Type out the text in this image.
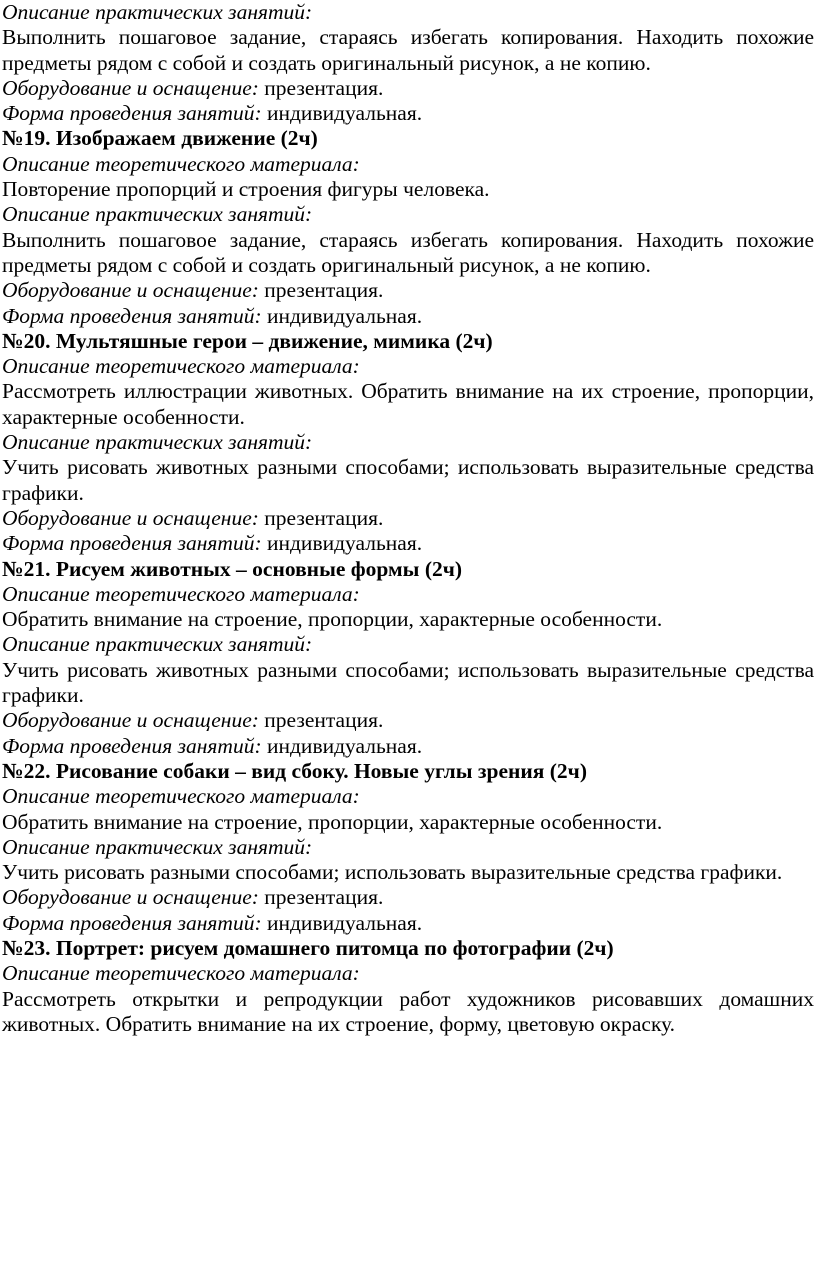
Описание практических занятий:

Выполнить пошаговое задание, стараясь избегать копирования. Находить похожие предметы рядом с собой и создать оригинальный рисунок, а не копию.

Оборудование и оснащение: презентация.

Форма проведения занятий: индивидуальная.

№19. Изображаем движение (2ч)

Описание теоретического материала:

Повторение пропорций и строения фигуры человека.

Описание практических занятий:

Выполнить пошаговое задание, стараясь избегать копирования. Находить похожие предметы рядом с собой и создать оригинальный рисунок, а не копию.

Оборудование и оснащение: презентация.

Форма проведения занятий: индивидуальная.

№20. Мультяшные герои – движение, мимика (2ч)

Описание теоретического материала:

Рассмотреть иллюстрации животных. Обратить внимание на их строение, пропорции, характерные особенности.

Описание практических занятий:

Учить рисовать животных разными способами; использовать выразительные средства графики.

Оборудование и оснащение: презентация.

Форма проведения занятий: индивидуальная.

№21. Рисуем животных – основные формы (2ч)

Описание теоретического материала:

Обратить внимание на строение, пропорции, характерные особенности.

Описание практических занятий:

Учить рисовать животных разными способами; использовать выразительные средства графики.

Оборудование и оснащение: презентация.

Форма проведения занятий: индивидуальная.

№22. Рисование собаки – вид сбоку. Новые углы зрения (2ч)

Описание теоретического материала:

Обратить внимание на строение, пропорции, характерные особенности.

Описание практических занятий:

Учить рисовать разными способами; использовать выразительные средства графики.

Оборудование и оснащение: презентация.

Форма проведения занятий: индивидуальная.

№23. Портрет: рисуем домашнего питомца по фотографии (2ч)

Описание теоретического материала:

Рассмотреть открытки и репродукции работ художников рисовавших домашних животных. Обратить внимание на их строение, форму, цветовую окраску.
